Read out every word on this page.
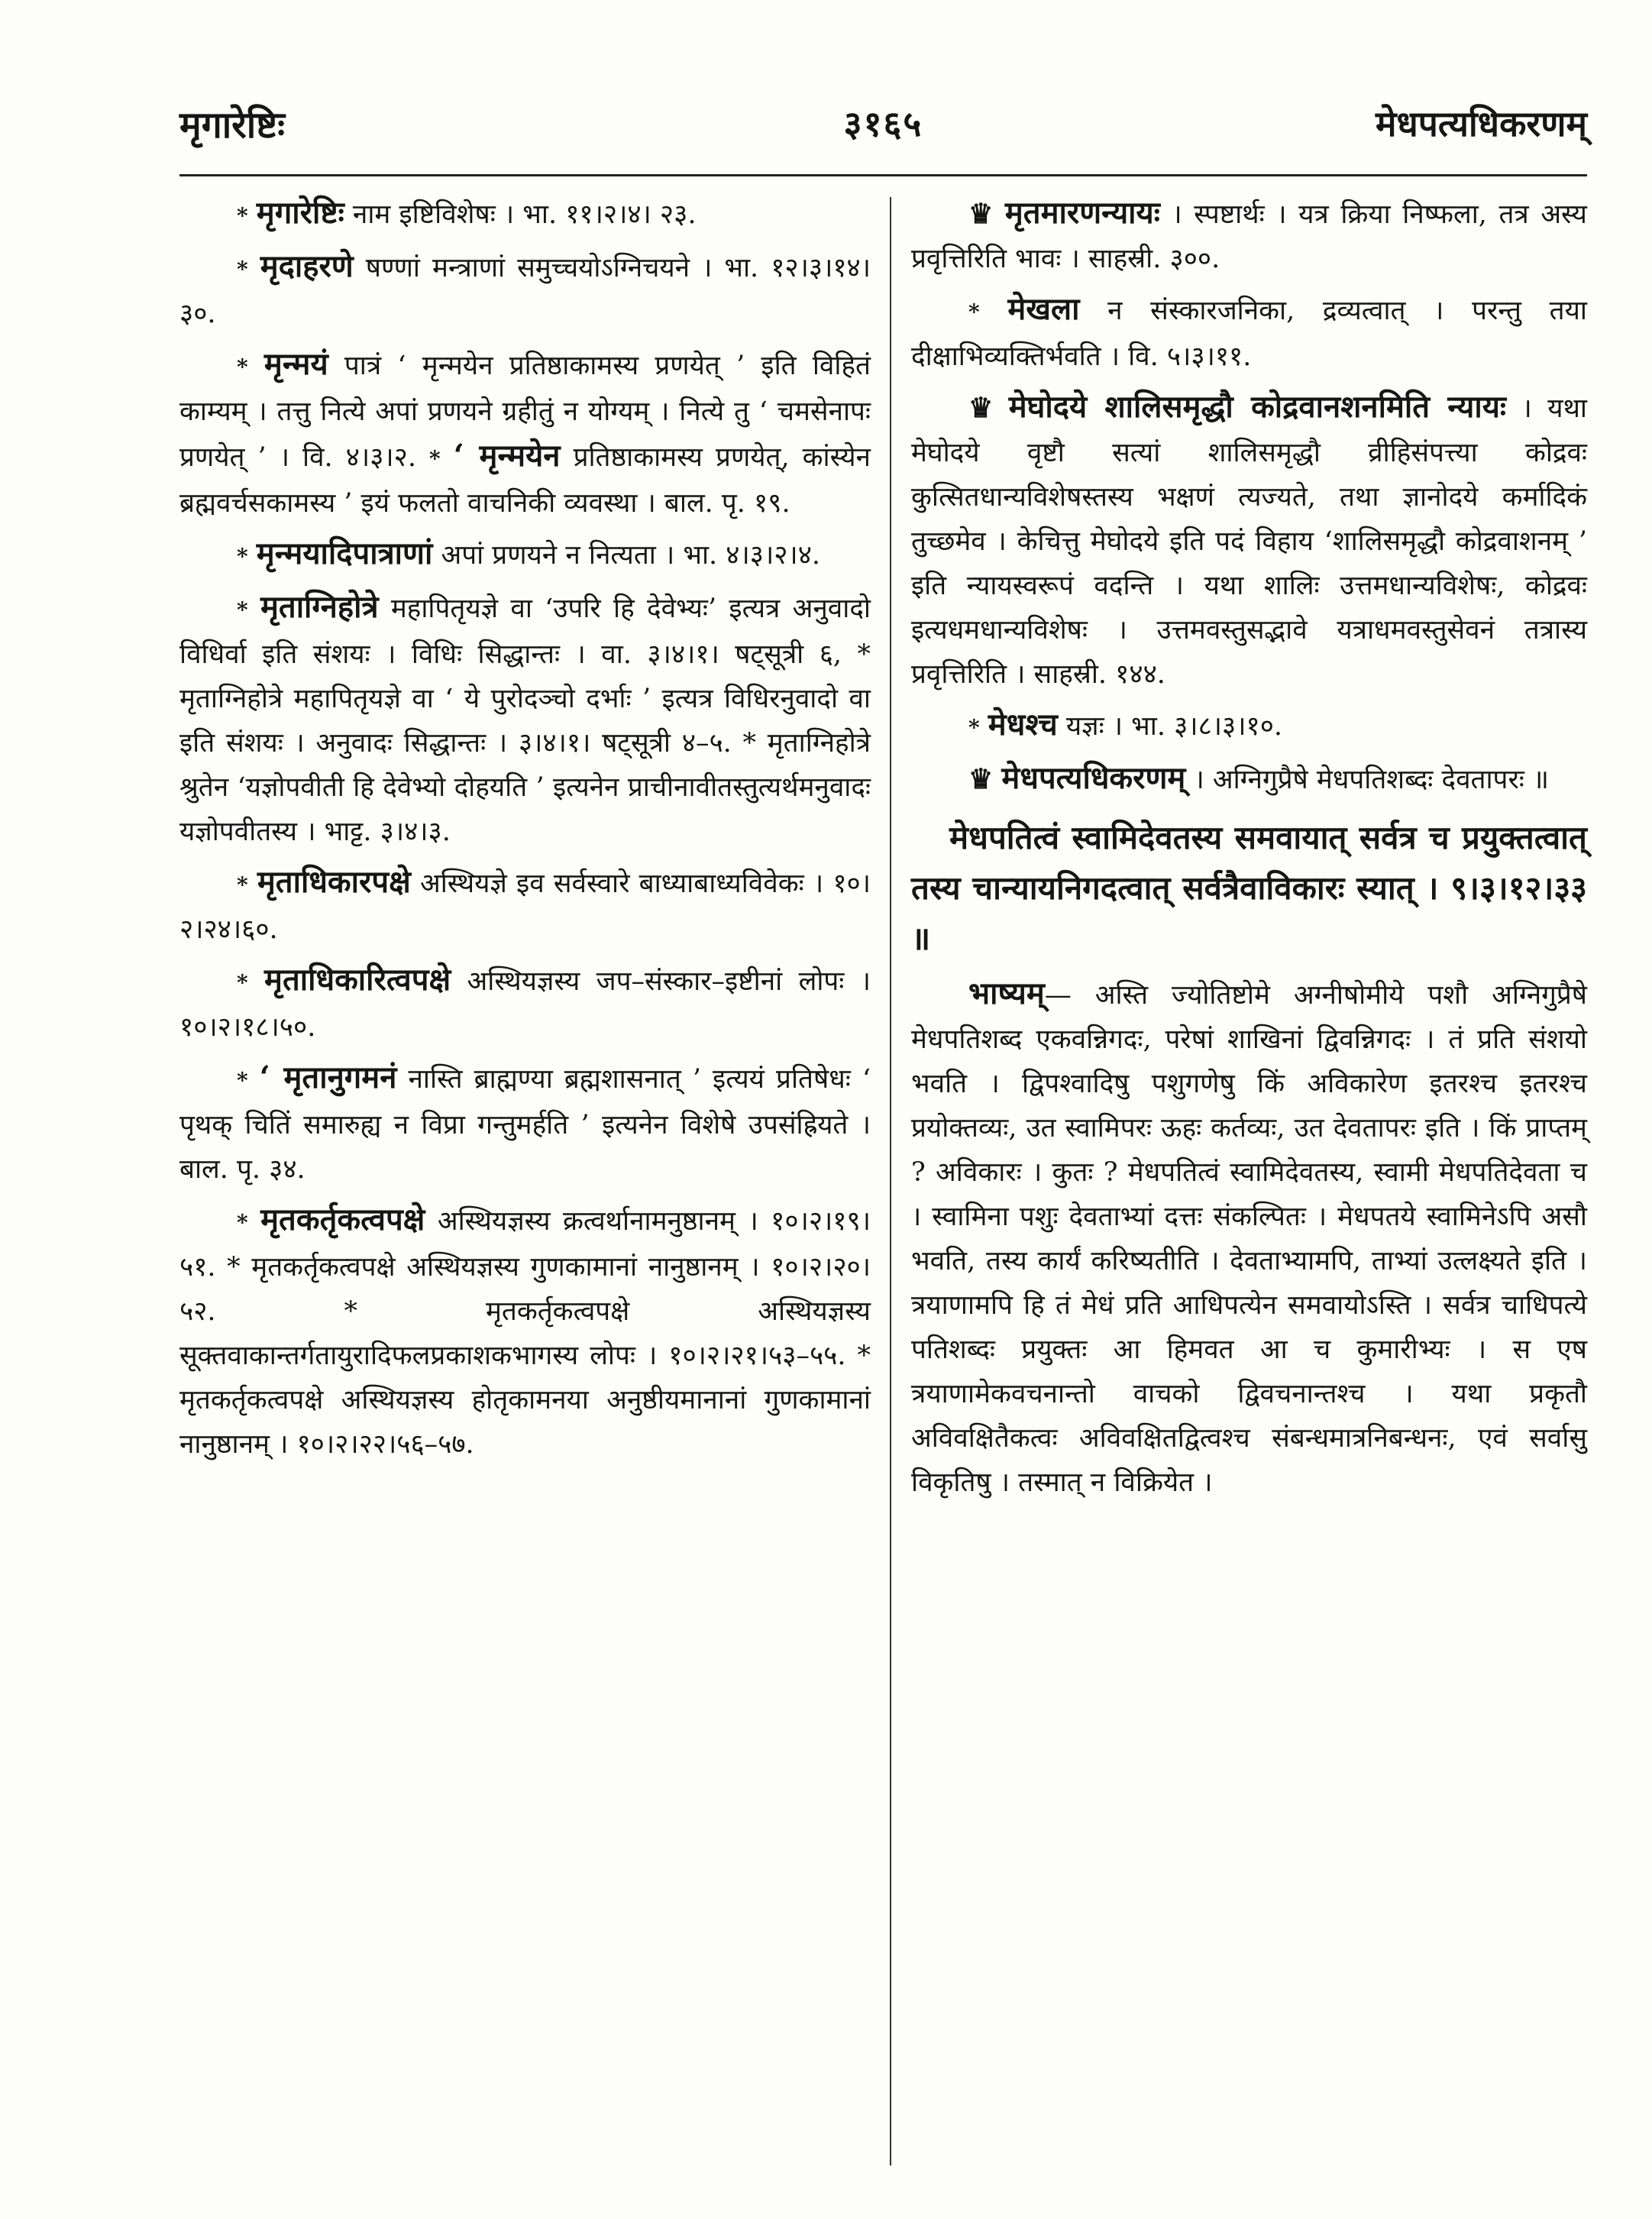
मृगारेष्टिः	३१६५	मेधपत्यधिकरणम्

* मृगारेष्टिः नाम इष्टिविशेषः । भा. ११।२।४। २३.

* मृदाहरणे षण्णां मन्त्राणां समुच्चयोऽग्निचयने । भा. १२।३।१४।३०.

* मृन्मयं पात्रं ‘ मृन्मयेन प्रतिष्ठाकामस्य प्रणयेत् ’ इति विहितं काम्यम् । तत्तु नित्ये अपां प्रणयने ग्रहीतुं न योग्यम् । नित्ये तु ‘ चमसेनापः प्रणयेत् ’ । वि. ४।३।२. * ‘ मृन्मयेन प्रतिष्ठाकामस्य प्रणयेत्, कांस्येन ब्रह्मवर्चसकामस्य ’ इयं फलतो वाचनिकी व्यवस्था । बाल. पृ. १९.

* मृन्मयादिपात्राणां अपां प्रणयने न नित्यता । भा. ४।३।२।४.

* मृताग्निहोत्रे महापितृयज्ञे वा ‘उपरि हि देवेभ्यः’ इत्यत्र अनुवादो विधिर्वा इति संशयः । विधिः सिद्धान्तः । वा. ३।४।१। षट्सूत्री ६, * मृताग्निहोत्रे महापितृयज्ञे वा ‘ ये पुरोदञ्चो दर्भाः ’ इत्यत्र विधिरनुवादो वा इति संशयः । अनुवादः सिद्धान्तः । ३।४।१। षट्सूत्री ४–५. * मृताग्निहोत्रे श्रुतेन ‘यज्ञोपवीती हि देवेभ्यो दोहयति ’ इत्यनेन प्राचीनावीतस्तुत्यर्थमनुवादः यज्ञोपवीतस्य । भाट्ट. ३।४।३.

* मृताधिकारपक्षे अस्थियज्ञे इव सर्वस्वारे बाध्याबाध्यविवेकः । १०।२।२४।६०.

* मृताधिकारित्वपक्षे अस्थियज्ञस्य जप–संस्कार–इष्टीनां लोपः । १०।२।१८।५०.

* ‘ मृतानुगमनं नास्ति ब्राह्मण्या ब्रह्मशासनात् ’ इत्ययं प्रतिषेधः ‘ पृथक् चितिं समारुह्य न विप्रा गन्तुमर्हति ’ इत्यनेन विशेषे उपसंह्रियते । बाल. पृ. ३४.

* मृतकर्तृकत्वपक्षे अस्थियज्ञस्य क्रत्वर्थानामनुष्ठानम् । १०।२।१९।५१. * मृतकर्तृकत्वपक्षे अस्थियज्ञस्य गुणकामानां नानुष्ठानम् । १०।२।२०।५२. * मृतकर्तृकत्वपक्षे अस्थियज्ञस्य सूक्तवाकान्तर्गतायुरादिफलप्रकाशकभागस्य लोपः । १०।२।२१।५३–५५. * मृतकर्तृकत्वपक्षे अस्थियज्ञस्य होतृकामनया अनुष्ठीयमानानां गुणकामानां नानुष्ठानम् । १०।२।२२।५६–५७.

♛ मृतमारणन्यायः । स्पष्टार्थः । यत्र क्रिया निष्फला, तत्र अस्य प्रवृत्तिरिति भावः । साहस्री. ३००.

* मेखला न संस्कारजनिका, द्रव्यत्वात् । परन्तु तया दीक्षाभिव्यक्तिर्भवति । वि. ५।३।११.

♛ मेघोदये शालिसमृद्धौ कोद्रवानशनमिति न्यायः । यथा मेघोदये वृष्टौ सत्यां शालिसमृद्धौ व्रीहिसंपत्त्या कोद्रवः कुत्सितधान्यविशेषस्तस्य भक्षणं त्यज्यते, तथा ज्ञानोदये कर्मादिकं तुच्छमेव । केचित्तु मेघोदये इति पदं विहाय ‘शालिसमृद्धौ कोद्रवाशनम् ’ इति न्यायस्वरूपं वदन्ति । यथा शालिः उत्तमधान्यविशेषः, कोद्रवः इत्यधमधान्यविशेषः । उत्तमवस्तुसद्भावे यत्राधमवस्तुसेवनं तत्रास्य प्रवृत्तिरिति । साहस्री. १४४.

* मेधश्च यज्ञः । भा. ३।८।३।१०.

♛ मेधपत्यधिकरणम् । अग्निगुप्रैषे मेधपतिशब्दः देवतापरः ॥

मेधपतित्वं स्वामिदेवतस्य समवायात् सर्वत्र च प्रयुक्तत्वात् तस्य चान्यायनिगदत्वात् सर्वत्रैवाविकारः स्यात् । ९।३।१२।३३ ॥

भाष्यम्— अस्ति ज्योतिष्टोमे अग्नीषोमीये पशौ अग्निगुप्रैषे मेधपतिशब्द एकवन्निगदः, परेषां शाखिनां द्विवन्निगदः । तं प्रति संशयो भवति । द्विपश्वादिषु पशुगणेषु किं अविकारेण इतरश्च इतरश्च प्रयोक्तव्यः, उत स्वामिपरः ऊहः कर्तव्यः, उत देवतापरः इति । किं प्राप्तम् ? अविकारः । कुतः ? मेधपतित्वं स्वामिदेवतस्य, स्वामी मेधपतिदेवता च । स्वामिना पशुः देवताभ्यां दत्तः संकल्पितः । मेधपतये स्वामिनेऽपि असौ भवति, तस्य कार्यं करिष्यतीति । देवताभ्यामपि, ताभ्यां उत्लक्ष्यते इति । त्रयाणामपि हि तं मेधं प्रति आधिपत्येन समवायोऽस्ति । सर्वत्र चाधिपत्ये पतिशब्दः प्रयुक्तः आ हिमवत आ च कुमारीभ्यः । स एष त्रयाणामेकवचनान्तो वाचको द्विवचनान्तश्च । यथा प्रकृतौ अविवक्षितैकत्वः अविवक्षितद्वित्वश्च संबन्धमात्रनिबन्धनः, एवं सर्वासु विकृतिषु । तस्मात् न विक्रियेत ।
